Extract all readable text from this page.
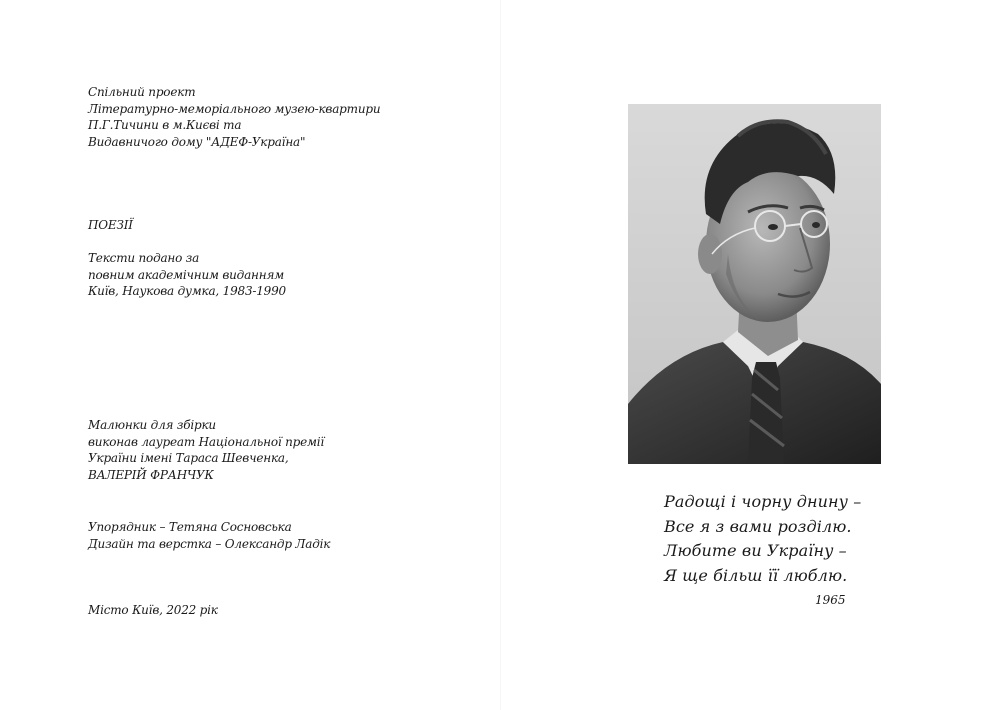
Спільний проект
Літературно-меморіального музею-квартири
П.Г.Тичини в м.Києві та
Видавничого дому "АДЕФ-Україна"
ПОЕЗІЇ
Тексти подано за
повним академічним виданням
Київ, Наукова думка, 1983-1990
Малюнки для збірки
виконав лауреат Національної премії
України імені Тараса Шевченка,
ВАЛЕРІЙ ФРАНЧУК
Упорядник – Тетяна Сосновська
Дизайн та верстка – Олександр Ладік
Місто Київ, 2022 рік
Радощі і чорну днину –
Все я з вами розділю.
Любите ви Україну –
Я ще більш її люблю.
1965
